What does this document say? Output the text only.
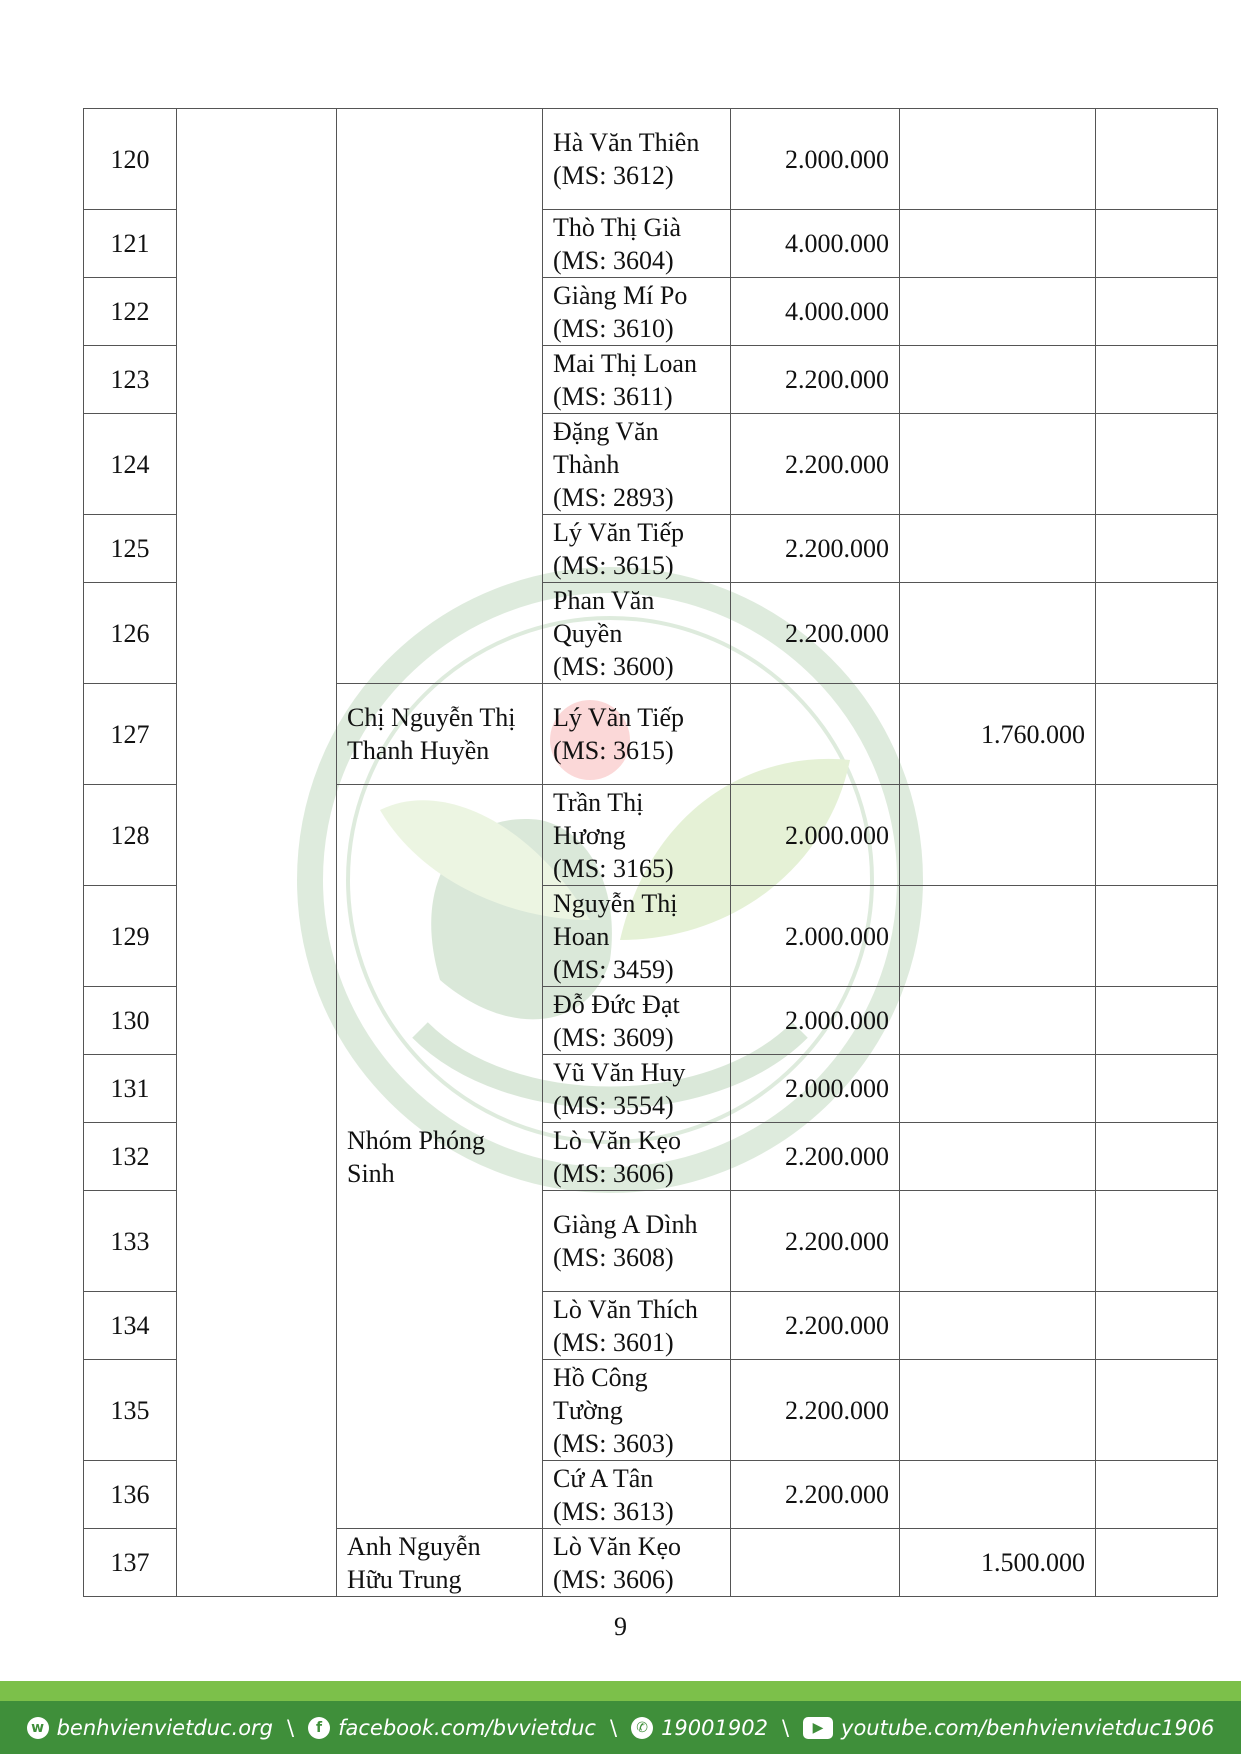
120			Hà Văn Thiên
(MS: 3612)	2.000.000		
121			Thò Thị Già
(MS: 3604)	4.000.000		
122			Giàng Mí Po
(MS: 3610)	4.000.000		
123			Mai Thị Loan
(MS: 3611)	2.200.000		
124			Đặng Văn Thành
(MS: 2893)	2.200.000		
125			Lý Văn Tiếp
(MS: 3615)	2.200.000		
126			Phan Văn Quyền
(MS: 3600)	2.200.000		
127		Chị Nguyễn Thị Thanh Huyền	Lý Văn Tiếp
(MS: 3615)		1.760.000	
128		Nhóm Phóng Sinh	Trần Thị Hương
(MS: 3165)	2.000.000		
129			Nguyễn Thị Hoan
(MS: 3459)	2.000.000		
130			Đỗ Đức Đạt
(MS: 3609)	2.000.000		
131			Vũ Văn Huy
(MS: 3554)	2.000.000		
132			Lò Văn Kẹo
(MS: 3606)	2.200.000		
133			Giàng A Dình
(MS: 3608)	2.200.000		
134			Lò Văn Thích
(MS: 3601)	2.200.000		
135			Hồ Công Tường
(MS: 3603)	2.200.000		
136			Cứ A Tân
(MS: 3613)	2.200.000		
137		Anh Nguyễn Hữu Trung	Lò Văn Kẹo
(MS: 3606)		1.500.000	
9
w benhvienvietduc.org \	f facebook.com/bvvietduc \	✆ 19001902 \	▶ youtube.com/benhvienvietduc1906
